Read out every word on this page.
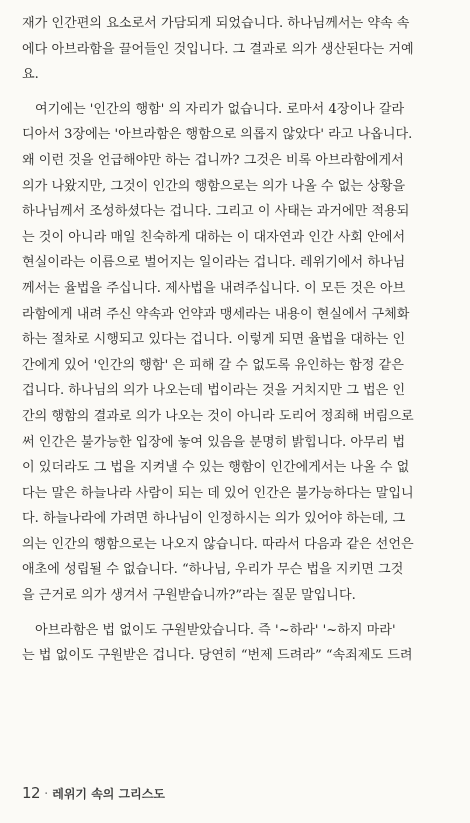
재가 인간편의 요소로서 가담되게 되었습니다. 하나님께서는 약속 속
에다 아브라함을 끌어들인 것입니다. 그 결과로 의가 생산된다는 거예
요.
여기에는 '인간의 행함' 의 자리가 없습니다. 로마서 4장이나 갈라
디아서 3장에는 '아브라함은 행함으로 의롭지 않았다' 라고 나옵니다.
왜 이런 것을 언급해야만 하는 겁니까? 그것은 비록 아브라함에게서
의가 나왔지만, 그것이 인간의 행함으로는 의가 나올 수 없는 상황을
하나님께서 조성하셨다는 겁니다. 그리고 이 사태는 과거에만 적용되
는 것이 아니라 매일 친숙하게 대하는 이 대자연과 인간 사회 안에서
현실이라는 이름으로 벌어지는 일이라는 겁니다. 레위기에서 하나님
께서는 율법을 주십니다. 제사법을 내려주십니다. 이 모든 것은 아브
라함에게 내려 주신 약속과 언약과 맹세라는 내용이 현실에서 구체화
하는 절차로 시행되고 있다는 겁니다. 이렇게 되면 율법을 대하는 인
간에게 있어 '인간의 행함' 은 피해 갈 수 없도록 유인하는 함정 같은
겁니다. 하나님의 의가 나오는데 법이라는 것을 거치지만 그 법은 인
간의 행함의 결과로 의가 나오는 것이 아니라 도리어 정죄해 버림으로
써 인간은 불가능한 입장에 놓여 있음을 분명히 밝힙니다. 아무리 법
이 있더라도 그 법을 지켜낼 수 있는 행함이 인간에게서는 나올 수 없
다는 말은 하늘나라 사람이 되는 데 있어 인간은 불가능하다는 말입니
다. 하늘나라에 가려면 하나님이 인정하시는 의가 있어야 하는데, 그
의는 인간의 행함으로는 나오지 않습니다. 따라서 다음과 같은 선언은
애초에 성립될 수 없습니다. “하나님, 우리가 무슨 법을 지키면 그것
을 근거로 의가 생겨서 구원받습니까?”라는 질문 말입니다.
아브라함은 법 없이도 구원받았습니다. 즉 '~하라' '~하지 마라'
는 법 없이도 구원받은 겁니다. 당연히 “번제 드려라” “속죄제도 드려
12 · 레위기 속의 그리스도
